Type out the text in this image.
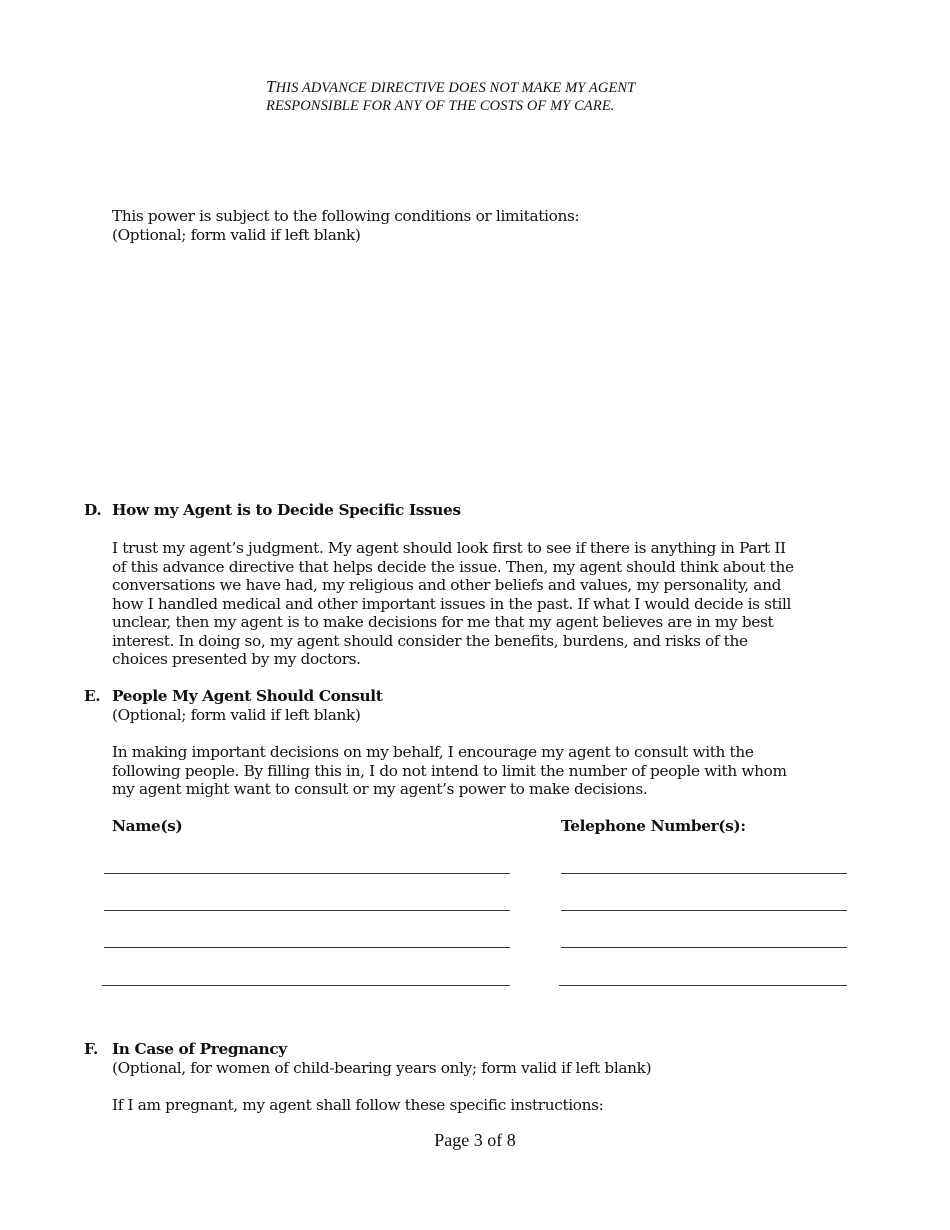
THIS ADVANCE DIRECTIVE DOES NOT MAKE MY AGENT
RESPONSIBLE FOR ANY OF THE COSTS OF MY CARE.
This power is subject to the following conditions or limitations:
(Optional; form valid if left blank)
D. How my Agent is to Decide Specific Issues
I trust my agent’s judgment. My agent should look first to see if there is anything in Part II
of this advance directive that helps decide the issue. Then, my agent should think about the
conversations we have had, my religious and other beliefs and values, my personality, and
how I handled medical and other important issues in the past. If what I would decide is still
unclear, then my agent is to make decisions for me that my agent believes are in my best
interest. In doing so, my agent should consider the benefits, burdens, and risks of the
choices presented by my doctors.
E. People My Agent Should Consult
(Optional; form valid if left blank)
In making important decisions on my behalf, I encourage my agent to consult with the
following people. By filling this in, I do not intend to limit the number of people with whom
my agent might want to consult or my agent’s power to make decisions.
Name(s)	Telephone Number(s):
F. In Case of Pregnancy
(Optional, for women of child-bearing years only; form valid if left blank)
If I am pregnant, my agent shall follow these specific instructions:
Page 3 of 8
